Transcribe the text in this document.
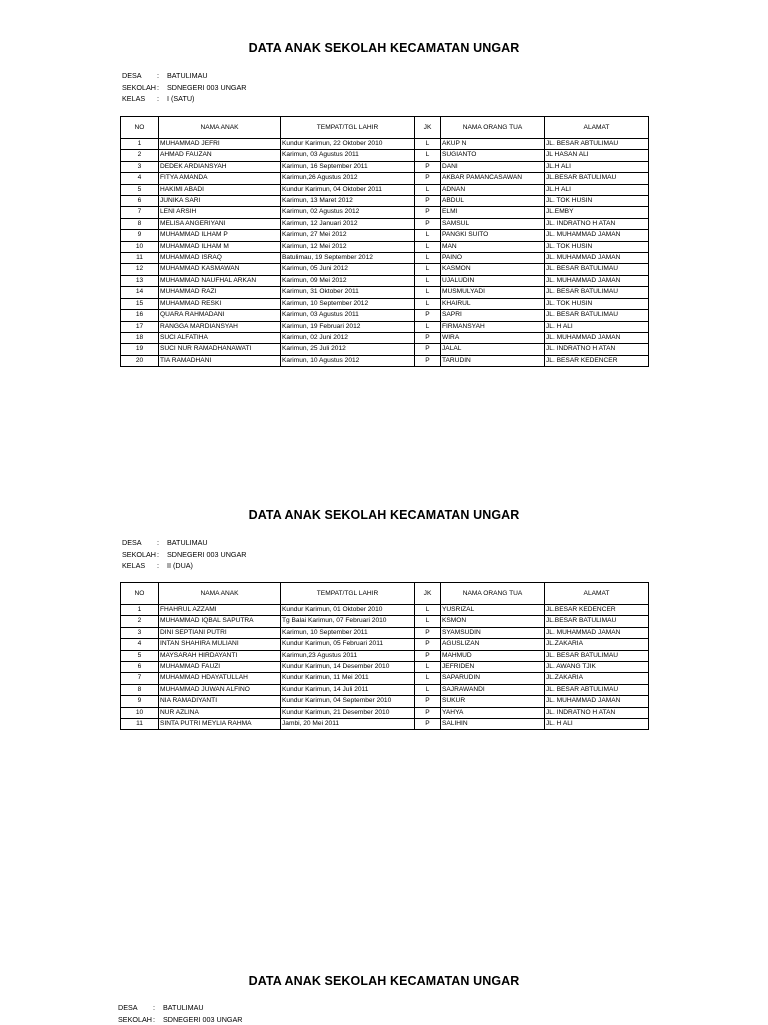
DATA ANAK SEKOLAH KECAMATAN UNGAR
DESA	:	BATULIMAU
SEKOLAH :	SDNEGERI 003 UNGAR
KELAS	:	I (SATU)
NO	NAMA ANAK	TEMPAT/TGL LAHIR	JK	NAMA ORANG TUA	ALAMAT
1	MUHAMMAD JEFRI	Kundur Karimun, 22 Oktober 2010	L	AKUP N	JL. BESAR ABTULIMAU
2	AHMAD FAUZAN	Karimun, 03 Agustus 2011	L	SUGIANTO	JL HASAN ALI
3	DEDEK ARDIANSYAH	Karimun, 16 September 2011	P	DANI	JL.H ALI
4	FITYA AMANDA	Karimun,26 Agustus 2012	P	AKBAR PAMANCASAWAN	JL.BESAR BATULIMAU
5	HAKIMI ABADI	Kundur Karimun, 04 Oktober 2011	L	ADNAN	JL.H ALI
6	JUNIKA SARI	Karimun, 13 Maret 2012	P	ABDUL	JL. TOK HUSIN
7	LENI ARSIH	Karimun, 02 Agustus 2012	P	ELMI	JL.EMBY
8	MELISA ANGERIYANI	Karimun, 12 Januari 2012	P	SAMSUL	JL. INDRATNO H ATAN
9	MUHAMMAD ILHAM P	Karimun, 27 Mei 2012	L	PANGKI SUITO	JL. MUHAMMAD JAMAN
10	MUHAMMAD ILHAM M	Karimun, 12 Mei 2012	L	MAN	JL. TOK HUSIN
11	MUHAMMAD ISRAQ	Batulimau, 19 September 2012	L	PAINO	JL. MUHAMMAD JAMAN
12	MUHAMMAD KASMAWAN	Karimun, 05 Juni 2012	L	KASMON	JL. BESAR BATULIMAU
13	MUHAMMAD NAUFHAL ARKAN	Karimun, 09 Mei 2012	L	UJALUDIN	JL. MUHAMMAD JAMAN
14	MUHAMMAD RAZI	Karimun, 31 Oktober 2011	L	MUSMULYADI	JL. BESAR BATULIMAU
15	MUHAMMAD RESKI	Karimun, 10 September 2012	L	KHAIRUL	JL. TOK HUSIN
16	QUARA RAHMADANI	Karimun, 03 Agustus 2011	P	SAPRI	JL. BESAR BATULIMAU
17	RANGGA MARDIANSYAH	Karimun, 19 Februari 2012	L	FIRMANSYAH	JL. H ALI
18	SUCI ALFATIHA	Karimun, 02 Juni 2012	P	WIRA	JL. MUHAMMAD JAMAN
19	SUCI NUR RAMADHANAWATI	Karimun, 25 Juli 2012	P	JALAL	JL. INDRATNO H ATAN
20	TIA RAMADHANI	Karimun, 10 Agustus 2012	P	TARUDIN	JL. BESAR KEDENCER
DATA ANAK SEKOLAH KECAMATAN UNGAR
DESA	:	BATULIMAU
SEKOLAH :	SDNEGERI 003 UNGAR
KELAS	:	II (DUA)
NO	NAMA ANAK	TEMPAT/TGL LAHIR	JK	NAMA ORANG TUA	ALAMAT
1	FHAHRUL AZZAMI	Kundur Karimun, 01 Oktober 2010	L	YUSRIZAL	JL.BESAR KEDENCER
2	MUHAMMAD IQBAL SAPUTRA	Tg Balai Karimun, 07 Februari 2010	L	KSMON	JL.BESAR BATULIMAU
3	DINI SEPTIANI PUTRI	Karimun, 10 September 2011	P	SYAMSUDIN	JL. MUHAMMAD JAMAN
4	INTAN SHAHIRA MULIANI	Kundur Karimun, 05 Februari 2011	P	AGUSLIZAN	JL.ZAKARIA
5	MAYSARAH HIRDAYANTI	Karimun,23 Agustus 2011	P	MAHMUD	JL. BESAR BATULIMAU
6	MUHAMMAD FAUZI	Kundur Karimun, 14 Desember 2010	L	JEFRIDEN	JL. AWANG TJIK
7	MUHAMMAD HDAYATULLAH	Kundur Karimun, 11 Mei 2011	L	SAPARUDIN	JL.ZAKARIA
8	MUHAMMAD JUWAN ALFINO	Kundur Karimun, 14 Juli 2011	L	SAJRAWANDI	JL. BESAR ABTULIMAU
9	NIA RAMADIYANTI	Kundur Karimun, 04 September 2010	P	SUKUR	JL. MUHAMMAD JAMAN
10	NUR AZLINA	Kundur Karimun, 21 Desember 2010	P	YAHYA	JL. INDRATNO H ATAN
11	SINTA PUTRI MEYLIA RAHMA	Jambi, 20 Mei 2011	P	SALIHIN	JL. H ALI
DATA ANAK SEKOLAH KECAMATAN UNGAR
DESA	:	BATULIMAU
SEKOLAH :	SDNEGERI 003 UNGAR
